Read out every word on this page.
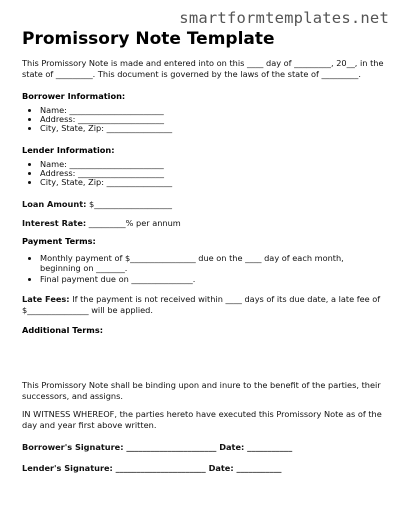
smartformtemplates.net
Promissory Note Template

This Promissory Note is made and entered into on this ____ day of _________, 20__, in the state of _________. This document is governed by the laws of the state of _________.

Borrower Information:

• Name: _______________________
• Address: _____________________
• City, State, Zip: ________________

Lender Information:

• Name: _______________________
• Address: _____________________
• City, State, Zip: ________________

Loan Amount: $___________________

Interest Rate: _________% per annum

Payment Terms:

• Monthly payment of $________________ due on the ____ day of each month, beginning on _______.
• Final payment due on _______________.

Late Fees: If the payment is not received within ____ days of its due date, a late fee of $_______________ will be applied.

Additional Terms:

_________________________________________________
_________________________________________________
_________________________________________________

This Promissory Note shall be binding upon and inure to the benefit of the parties, their successors, and assigns.

IN WITNESS WHEREOF, the parties hereto have executed this Promissory Note as of the day and year first above written.

Borrower's Signature: ______________________ Date: ___________

Lender's Signature: ______________________ Date: ___________
